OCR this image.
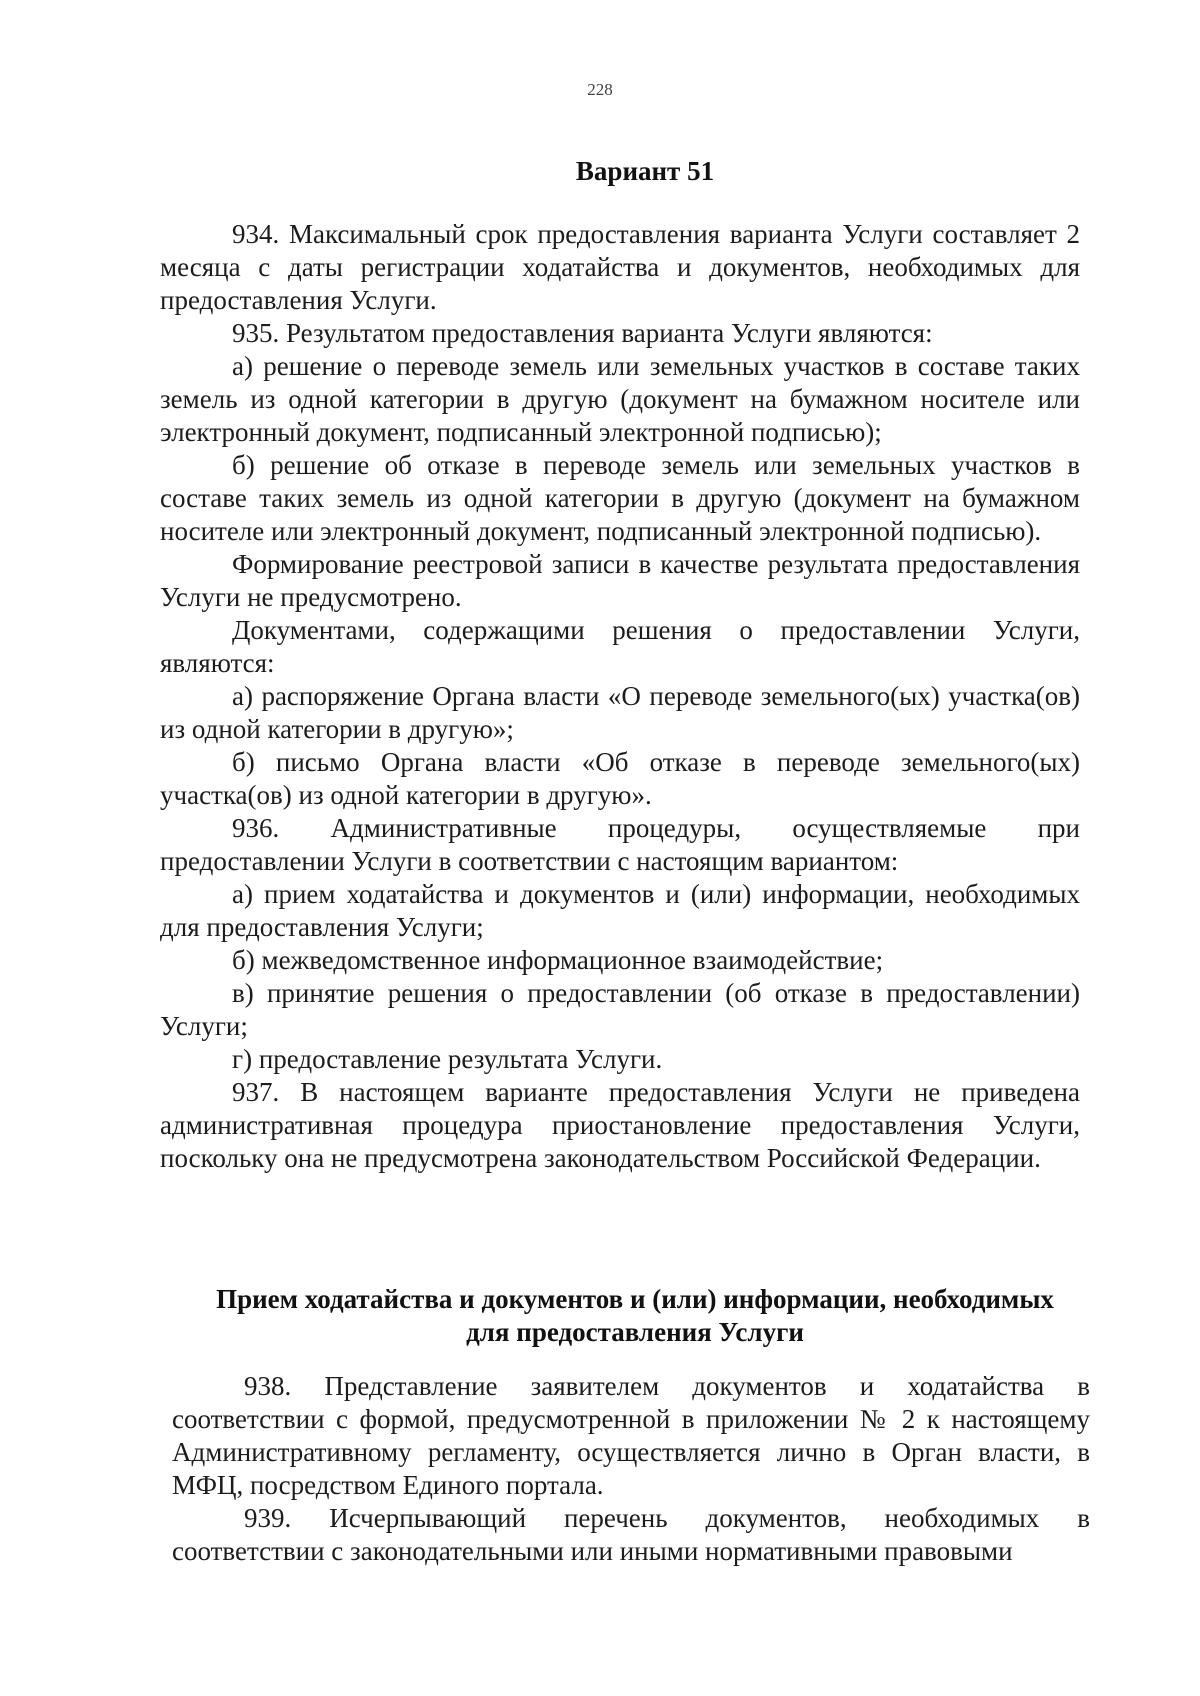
228
Вариант 51

934. Максимальный срок предоставления варианта Услуги составляет 2 месяца с даты регистрации ходатайства и документов, необходимых для предоставления Услуги.

935. Результатом предоставления варианта Услуги являются:

а) решение о переводе земель или земельных участков в составе таких земель из одной категории в другую (документ на бумажном носителе или электронный документ, подписанный электронной подписью);

б) решение об отказе в переводе земель или земельных участков в составе таких земель из одной категории в другую (документ на бумажном носителе или электронный документ, подписанный электронной подписью).

Формирование реестровой записи в качестве результата предоставления Услуги не предусмотрено.

Документами, содержащими решения о предоставлении Услуги, являются:

а) распоряжение Органа власти «О переводе земельного(ых) участка(ов) из одной категории в другую»;

б) письмо Органа власти «Об отказе в переводе земельного(ых) участка(ов) из одной категории в другую».

936. Административные процедуры, осуществляемые при предоставлении Услуги в соответствии с настоящим вариантом:

а) прием ходатайства и документов и (или) информации, необходимых для предоставления Услуги;

б) межведомственное информационное взаимодействие;

в) принятие решения о предоставлении (об отказе в предоставлении) Услуги;

г) предоставление результата Услуги.

937. В настоящем варианте предоставления Услуги не приведена административная процедура приостановление предоставления Услуги, поскольку она не предусмотрена законодательством Российской Федерации.

Прием ходатайства и документов и (или) информации, необходимых
для предоставления Услуги

938. Представление заявителем документов и ходатайства в соответствии с формой, предусмотренной в приложении № 2 к настоящему Административному регламенту, осуществляется лично в Орган власти, в МФЦ, посредством Единого портала.

939. Исчерпывающий перечень документов, необходимых в соответствии с законодательными или иными нормативными правовыми
